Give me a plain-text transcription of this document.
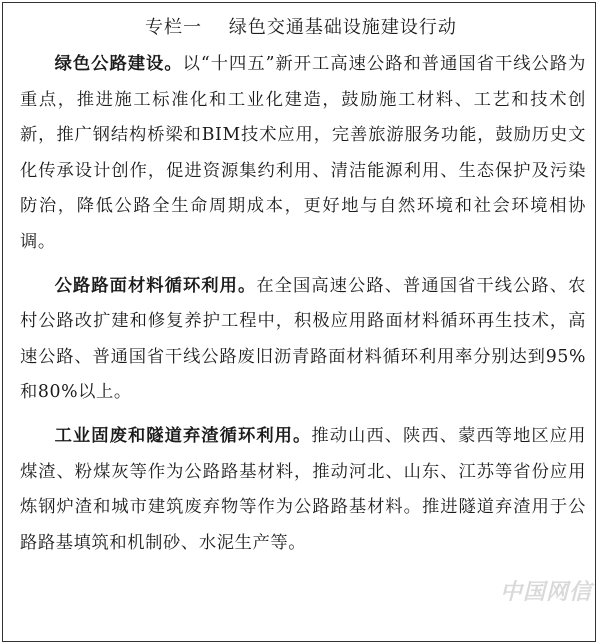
专栏一    绿色交通基础设施建设行动

绿色公路建设。以“十四五”新开工高速公路和普通国省干线公路为重点，推进施工标准化和工业化建造，鼓励施工材料、工艺和技术创新，推广钢结构桥梁和BIM技术应用，完善旅游服务功能，鼓励历史文化传承设计创作，促进资源集约利用、清洁能源利用、生态保护及污染防治，降低公路全生命周期成本，更好地与自然环境和社会环境相协调。

公路路面材料循环利用。在全国高速公路、普通国省干线公路、农村公路改扩建和修复养护工程中，积极应用路面材料循环再生技术，高速公路、普通国省干线公路废旧沥青路面材料循环利用率分别达到95%和80%以上。

工业固废和隧道弃渣循环利用。推动山西、陕西、蒙西等地区应用煤渣、粉煤灰等作为公路路基材料，推动河北、山东、江苏等省份应用炼钢炉渣和城市建筑废弃物等作为公路路基材料。推进隧道弃渣用于公路路基填筑和机制砂、水泥生产等。

中国网信
